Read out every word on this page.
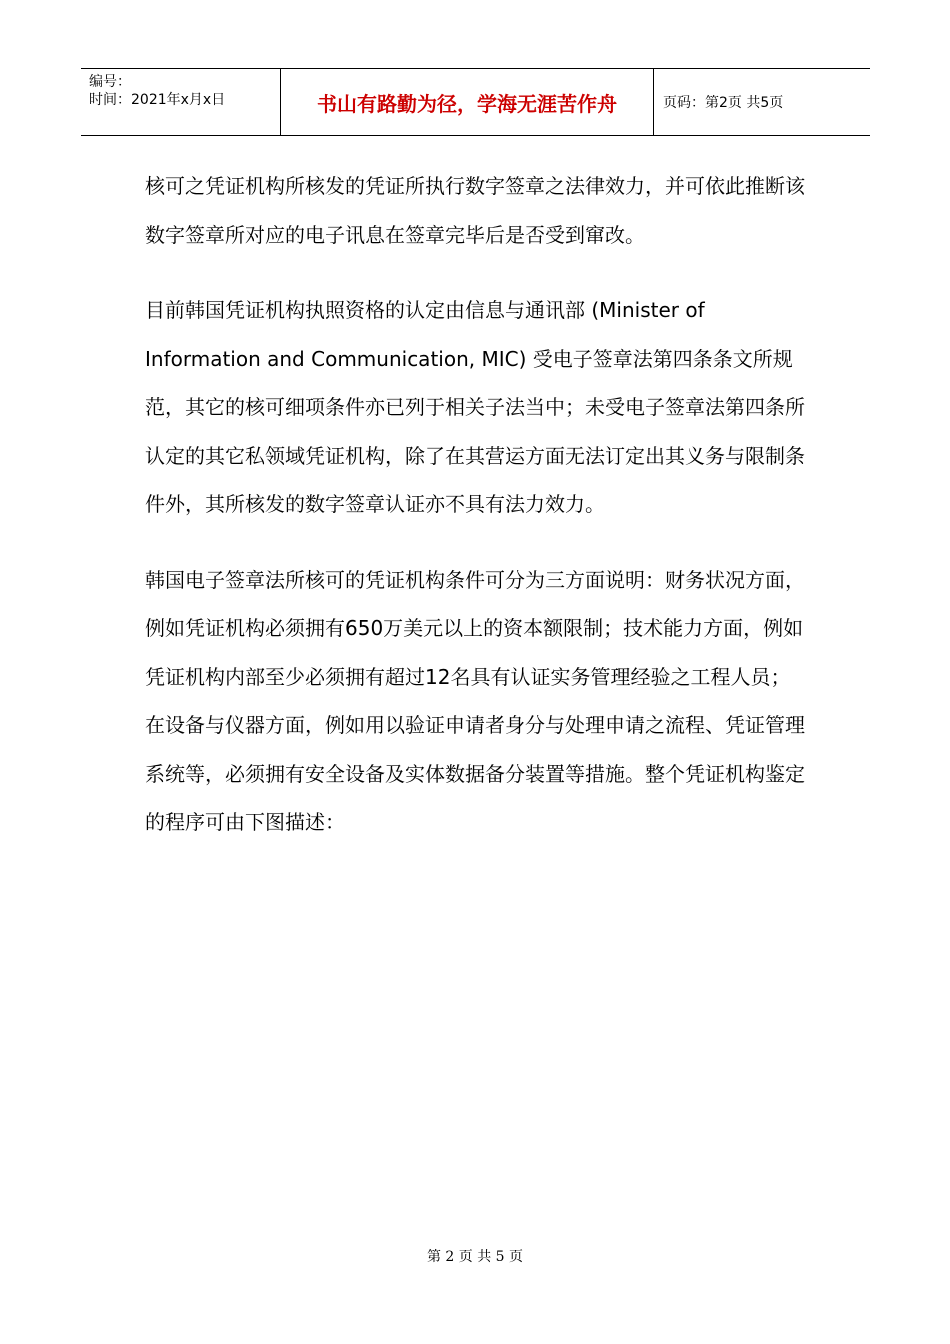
编号：
时间：2021年x月x日	书山有路勤为径，学海无涯苦作舟	页码：第2页 共5页

核可之凭证机构所核发的凭证所执行数字签章之法律效力，并可依此推断该数字签章所对应的电子讯息在签章完毕后是否受到窜改。

目前韩国凭证机构执照资格的认定由信息与通讯部 (Minister of Information and Communication, MIC) 受电子签章法第四条条文所规范，其它的核可细项条件亦已列于相关子法当中；未受电子签章法第四条所认定的其它私领域凭证机构，除了在其营运方面无法订定出其义务与限制条件外，其所核发的数字签章认证亦不具有法力效力。

韩国电子签章法所核可的凭证机构条件可分为三方面说明：财务状况方面，例如凭证机构必须拥有650万美元以上的资本额限制；技术能力方面，例如凭证机构内部至少必须拥有超过12名具有认证实务管理经验之工程人员；在设备与仪器方面，例如用以验证申请者身分与处理申请之流程、凭证管理系统等，必须拥有安全设备及实体数据备分装置等措施。整个凭证机构鉴定的程序可由下图描述：

第 2 页 共 5 页
